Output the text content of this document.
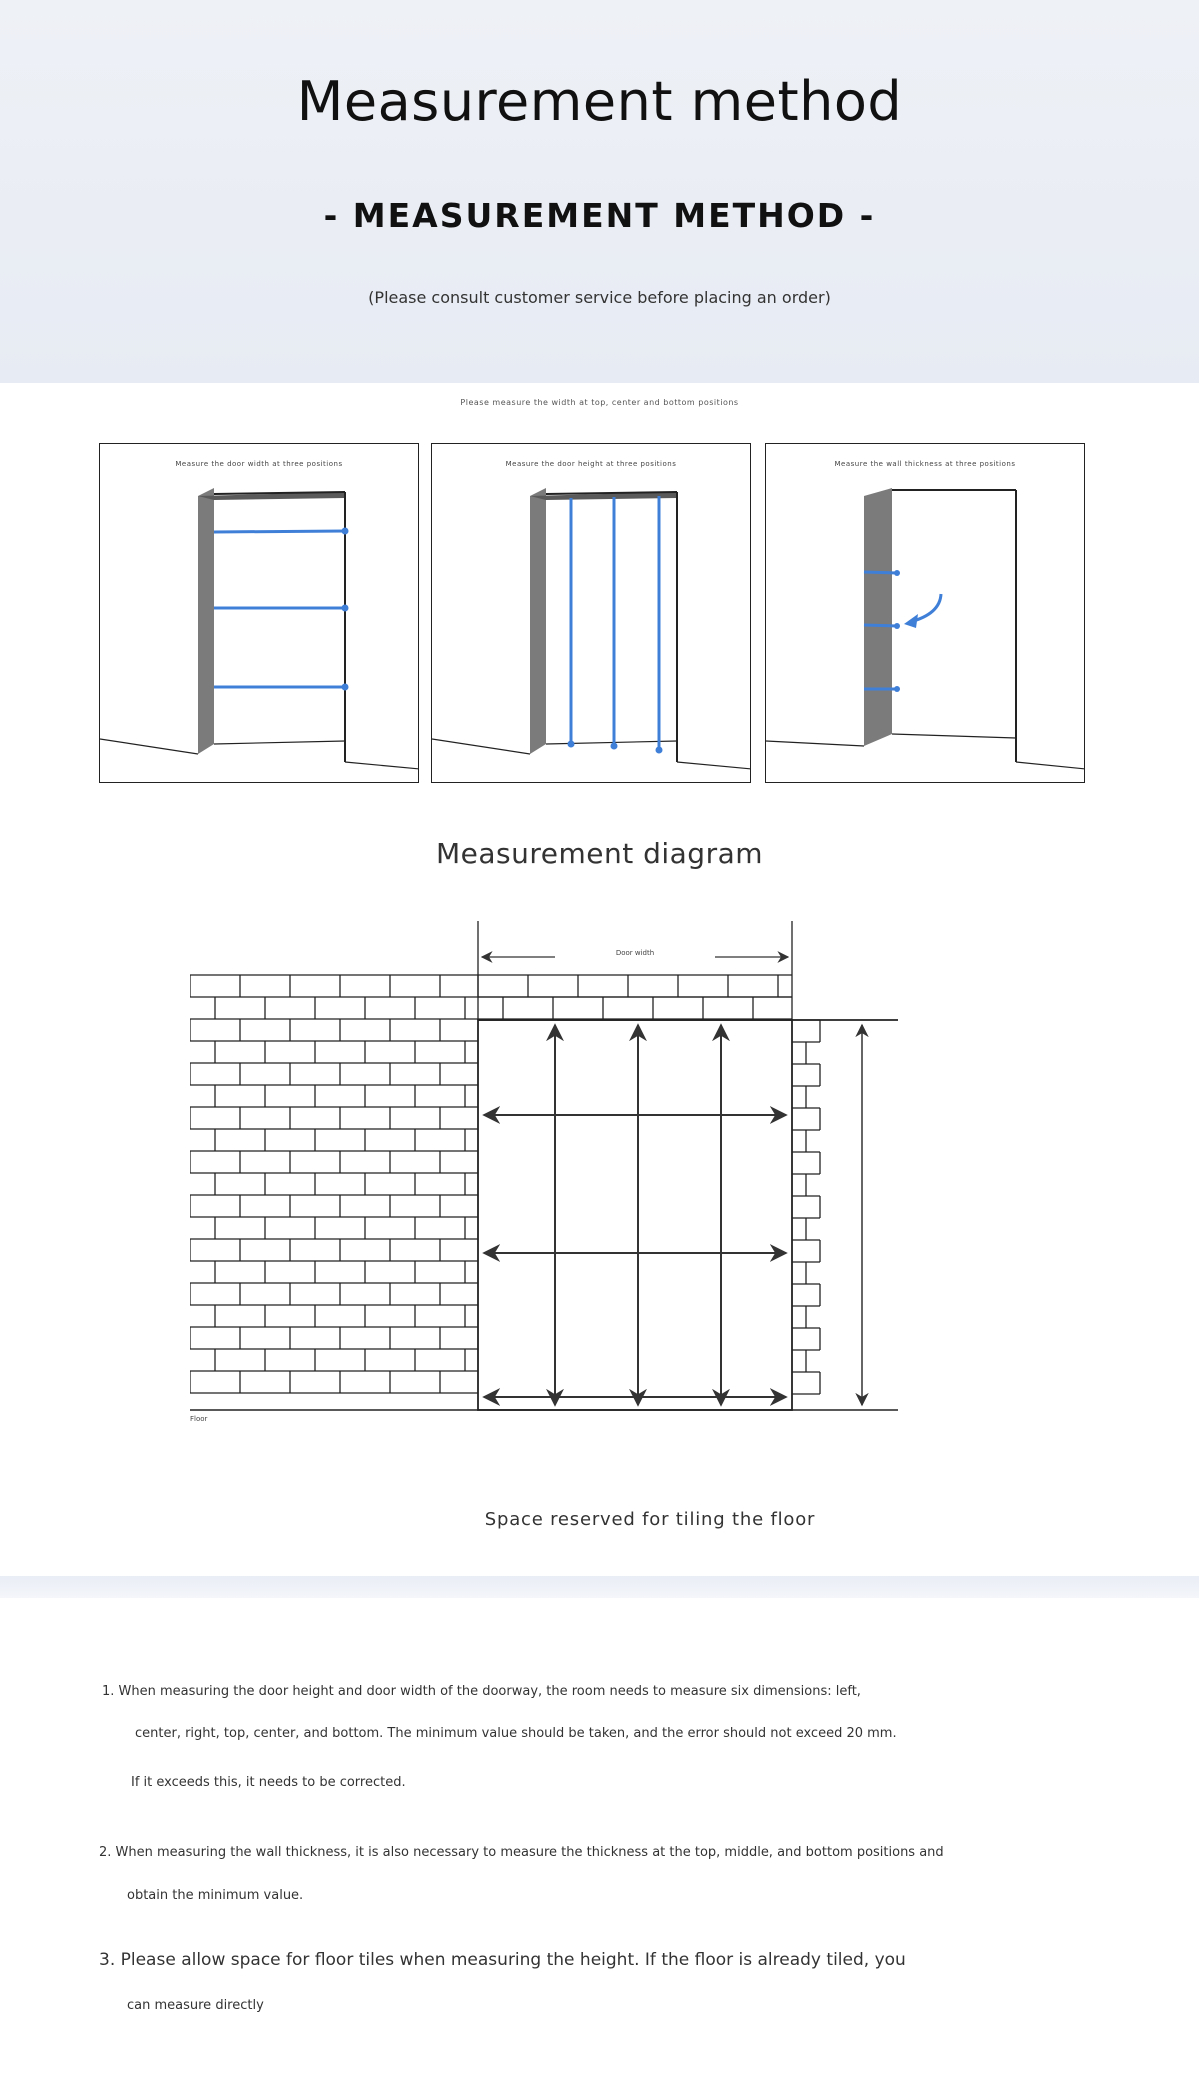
Measurement method
- MEASUREMENT METHOD -
(Please consult customer service before placing an order)
Please measure the width at top, center and bottom positions
Measure the door width at three positions	Measure the door height at three positions	Measure the wall thickness at three positions
Measurement diagram
Floor
Door width
Space reserved for tiling the floor
1. When measuring the door height and door width of the doorway, the room needs to measure six dimensions: left,
center, right, top, center, and bottom. The minimum value should be taken, and the error should not exceed 20 mm.
If it exceeds this, it needs to be corrected.
2. When measuring the wall thickness, it is also necessary to measure the thickness at the top, middle, and bottom positions and
obtain the minimum value.
3. Please allow space for floor tiles when measuring the height. If the floor is already tiled, you
can measure directly
